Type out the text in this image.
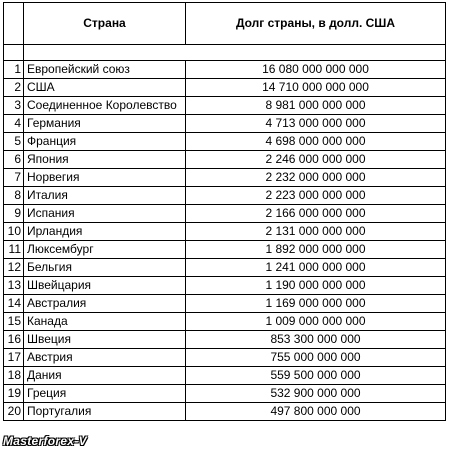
	Страна	Долг страны, в долл. США

1	Европейский союз	16 080 000 000 000
2	США	14 710 000 000 000
3	Соединенное Королевство	8 981 000 000 000
4	Германия	4 713 000 000 000
5	Франция	4 698 000 000 000
6	Япония	2 246 000 000 000
7	Норвегия	2 232 000 000 000
8	Италия	2 223 000 000 000
9	Испания	2 166 000 000 000
10	Ирландия	2 131 000 000 000
11	Люксембург	1 892 000 000 000
12	Бельгия	1 241 000 000 000
13	Швейцария	1 190 000 000 000
14	Австралия	1 169 000 000 000
15	Канада	1 009 000 000 000
16	Швеция	853 300 000 000
17	Австрия	755 000 000 000
18	Дания	559 500 000 000
19	Греция	532 900 000 000
20	Португалия	497 800 000 000
Masterforex-V
